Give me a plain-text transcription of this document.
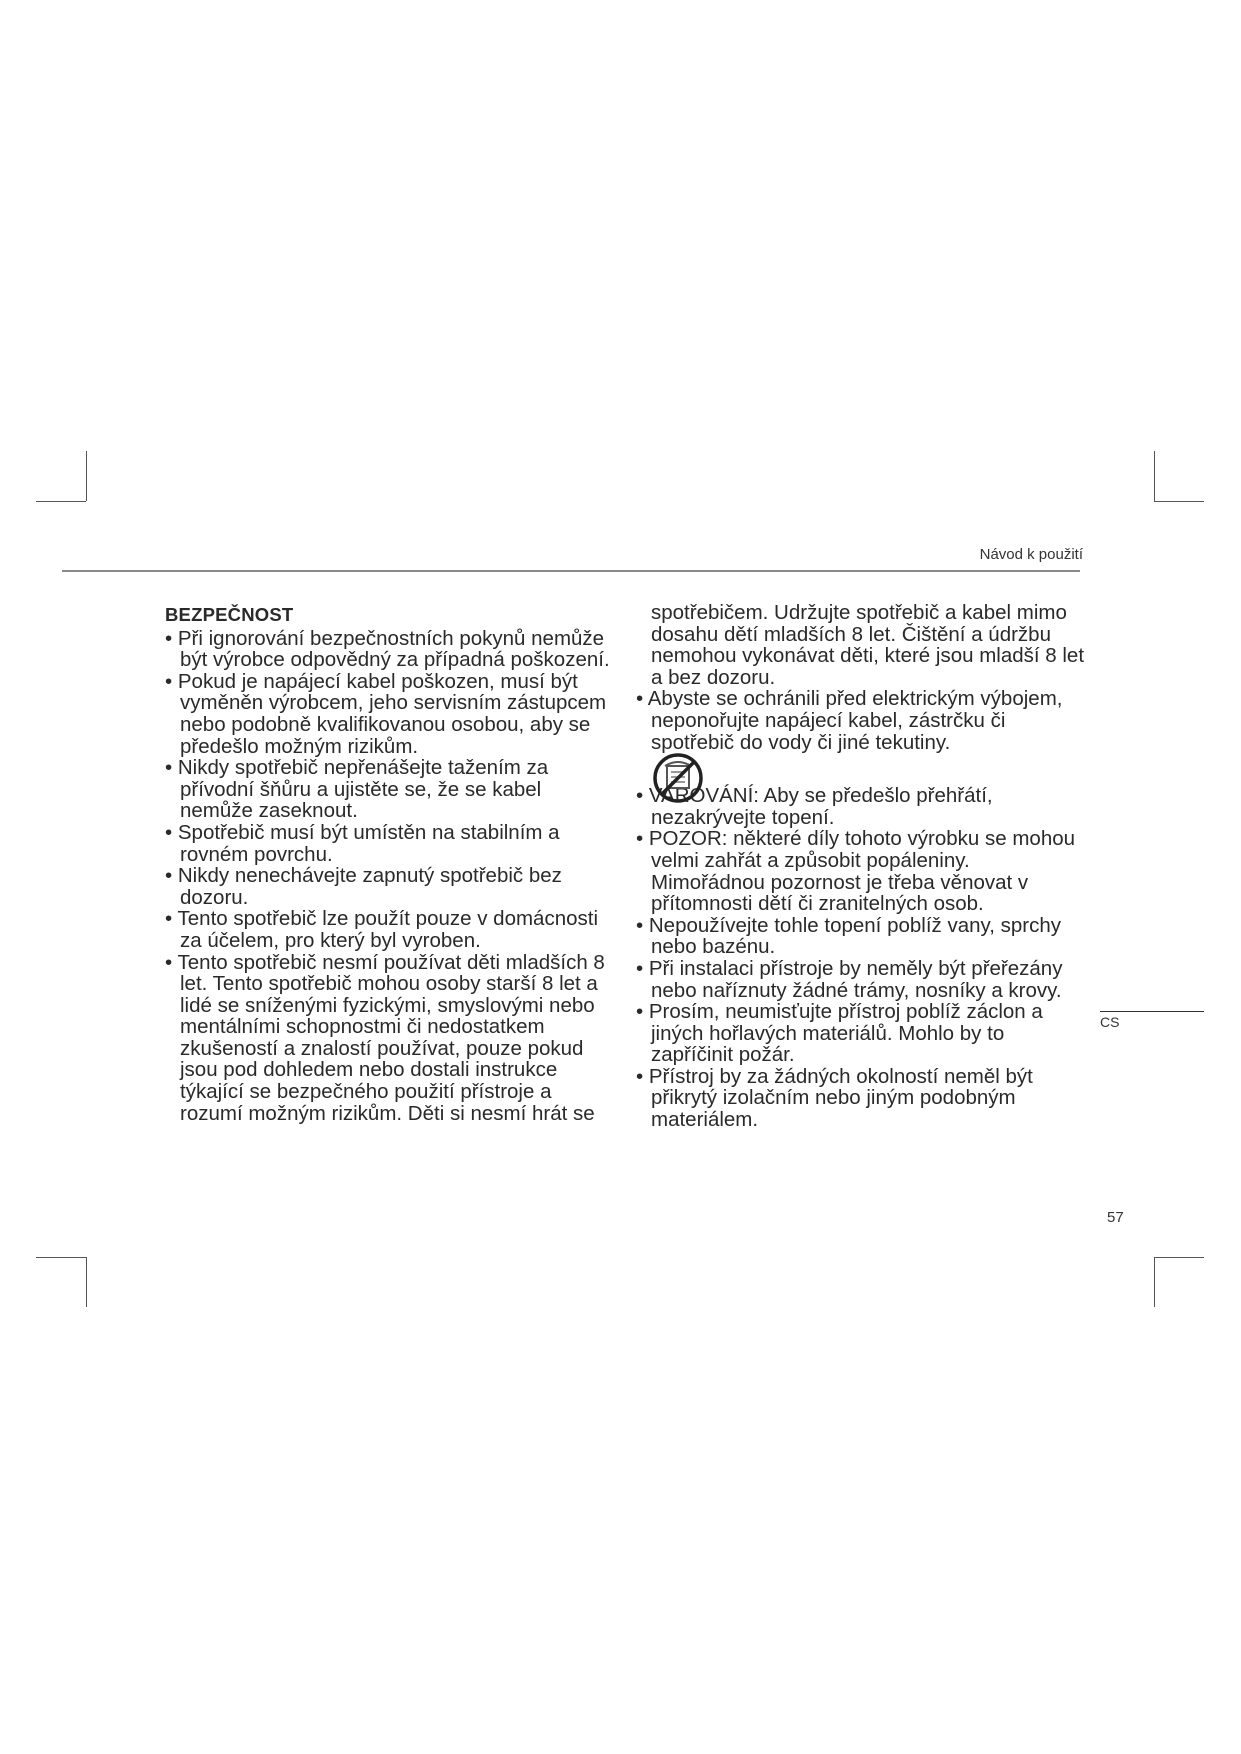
Návod k použití
BEZPEČNOST

• Při ignorování bezpečnostních pokynů nemůže být výrobce odpovědný za případná poškození.

• Pokud je napájecí kabel poškozen, musí být vyměněn výrobcem, jeho servisním zástupcem nebo podobně kvalifikovanou osobou, aby se předešlo možným rizikům.

• Nikdy spotřebič nepřenášejte tažením za přívodní šňůru a ujistěte se, že se kabel nemůže zaseknout.

• Spotřebič musí být umístěn na stabilním a rovném povrchu.

• Nikdy nenechávejte zapnutý spotřebič bez dozoru.

• Tento spotřebič lze použít pouze v domácnosti za účelem, pro který byl vyroben.

• Tento spotřebič nesmí používat děti mladších 8 let. Tento spotřebič mohou osoby starší 8 let a lidé se sníženými fyzickými, smyslovými nebo mentálními schopnostmi či nedostatkem zkušeností a znalostí používat, pouze pokud jsou pod dohledem nebo dostali instrukce týkající se bezpečného použití přístroje a rozumí možným rizikům. Děti si nesmí hrát se

spotřebičem. Udržujte spotřebič a kabel mimo dosahu dětí mladších 8 let. Čištění a údržbu nemohou vykonávat děti, které jsou mladší 8 let a bez dozoru.

• Abyste se ochránili před elektrickým výbojem, neponořujte napájecí kabel, zástrčku či spotřebič do vody či jiné tekutiny.

• VAROVÁNÍ: Aby se předešlo přehřátí, nezakrývejte topení.

• POZOR: některé díly tohoto výrobku se mohou velmi zahřát a způsobit popáleniny. Mimořádnou pozornost je třeba věnovat v přítomnosti dětí či zranitelných osob.

• Nepoužívejte tohle topení poblíž vany, sprchy nebo bazénu.

• Při instalaci přístroje by neměly být přeřezány nebo naříznuty žádné trámy, nosníky a krovy.

• Prosím, neumisťujte přístroj poblíž záclon a jiných hořlavých materiálů. Mohlo by to zapříčinit požár.

• Přístroj by za žádných okolností neměl být přikrytý izolačním nebo jiným podobným materiálem.

CS
57
